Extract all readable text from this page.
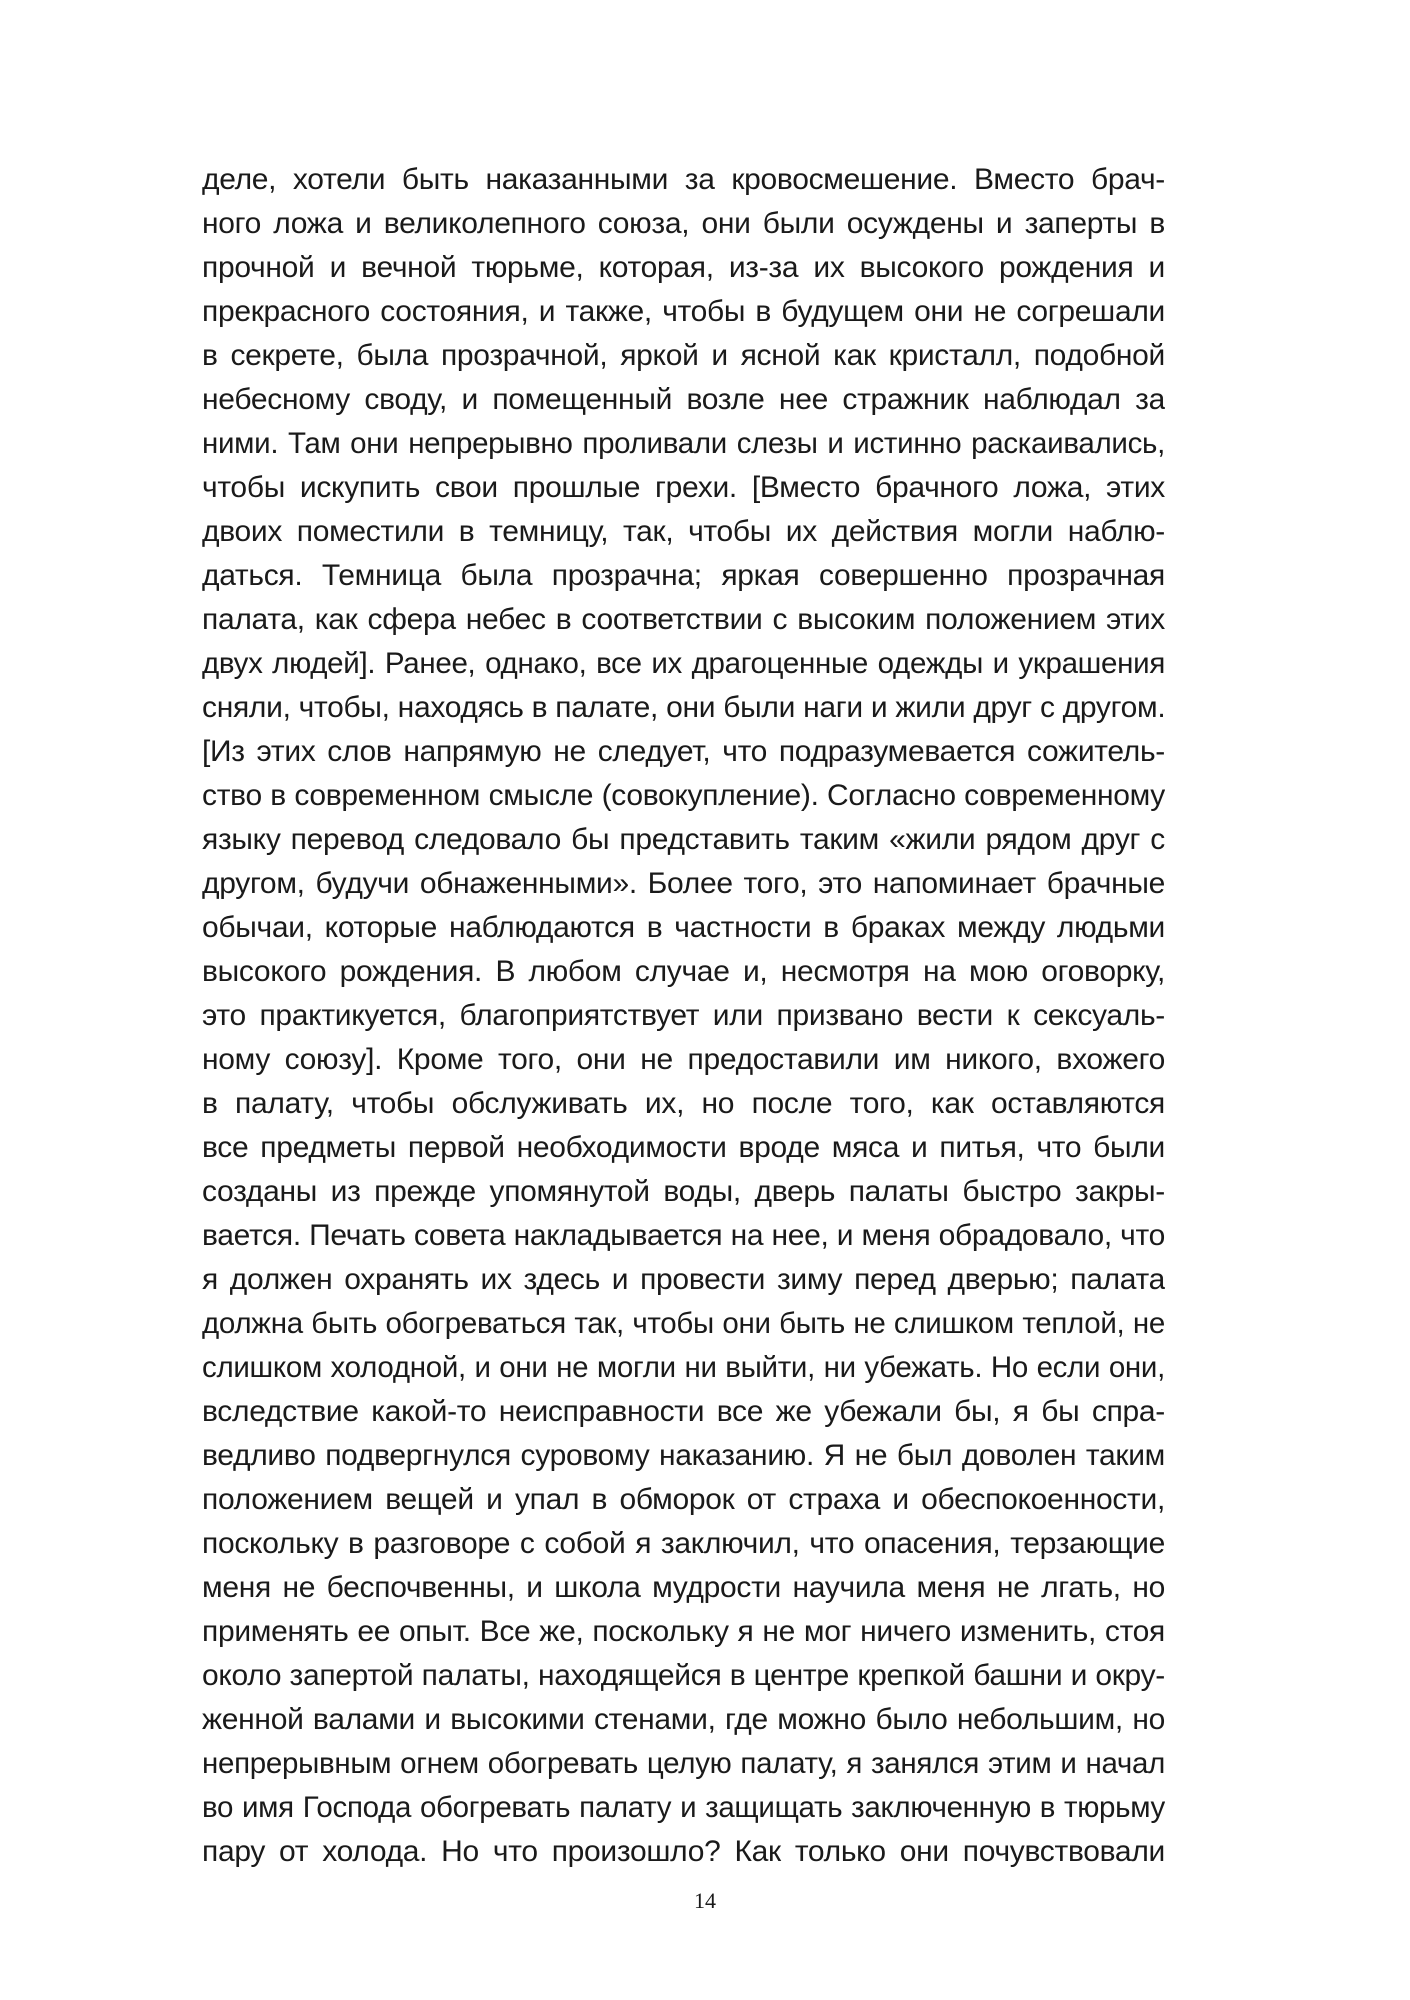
деле, хотели быть наказанными за кровосмешение. Вместо брач-
ного ложа и великолепного союза, они были осуждены и заперты в
прочной и вечной тюрьме, которая, из-за их высокого рождения и
прекрасного состояния, и также, чтобы в будущем они не согрешали
в секрете, была прозрачной, яркой и ясной как кристалл, подобной
небесному своду, и помещенный возле нее стражник наблюдал за
ними. Там они непрерывно проливали слезы и истинно раскаивались,
чтобы искупить свои прошлые грехи. [Вместо брачного ложа, этих
двоих поместили в темницу, так, чтобы их действия могли наблю-
даться. Темница была прозрачна; яркая совершенно прозрачная
палата, как сфера небес в соответствии с высоким положением этих
двух людей]. Ранее, однако, все их драгоценные одежды и украшения
сняли, чтобы, находясь в палате, они были наги и жили друг с другом.
[Из этих слов напрямую не следует, что подразумевается сожитель-
ство в современном смысле (совокупление). Согласно современному
языку перевод следовало бы представить таким «жили рядом друг с
другом, будучи обнаженными». Более того, это напоминает брачные
обычаи, которые наблюдаются в частности в браках между людьми
высокого рождения. В любом случае и, несмотря на мою оговорку,
это практикуется, благоприятствует или призвано вести к сексуаль-
ному союзу]. Кроме того, они не предоставили им никого, вхожего
в палату, чтобы обслуживать их, но после того, как оставляются
все предметы первой необходимости вроде мяса и питья, что были
созданы из прежде упомянутой воды, дверь палаты быстро закры-
вается. Печать совета накладывается на нее, и меня обрадовало, что
я должен охранять их здесь и провести зиму перед дверью; палата
должна быть обогреваться так, чтобы они быть не слишком теплой, не
слишком холодной, и они не могли ни выйти, ни убежать. Но если они,
вследствие какой-то неисправности все же убежали бы, я бы спра-
ведливо подвергнулся суровому наказанию. Я не был доволен таким
положением вещей и упал в обморок от страха и обеспокоенности,
поскольку в разговоре с собой я заключил, что опасения, терзающие
меня не беспочвенны, и школа мудрости научила меня не лгать, но
применять ее опыт. Все же, поскольку я не мог ничего изменить, стоя
около запертой палаты, находящейся в центре крепкой башни и окру-
женной валами и высокими стенами, где можно было небольшим, но
непрерывным огнем обогревать целую палату, я занялся этим и начал
во имя Господа обогревать палату и защищать заключенную в тюрьму
пару от холода. Но что произошло? Как только они почувствовали
14
